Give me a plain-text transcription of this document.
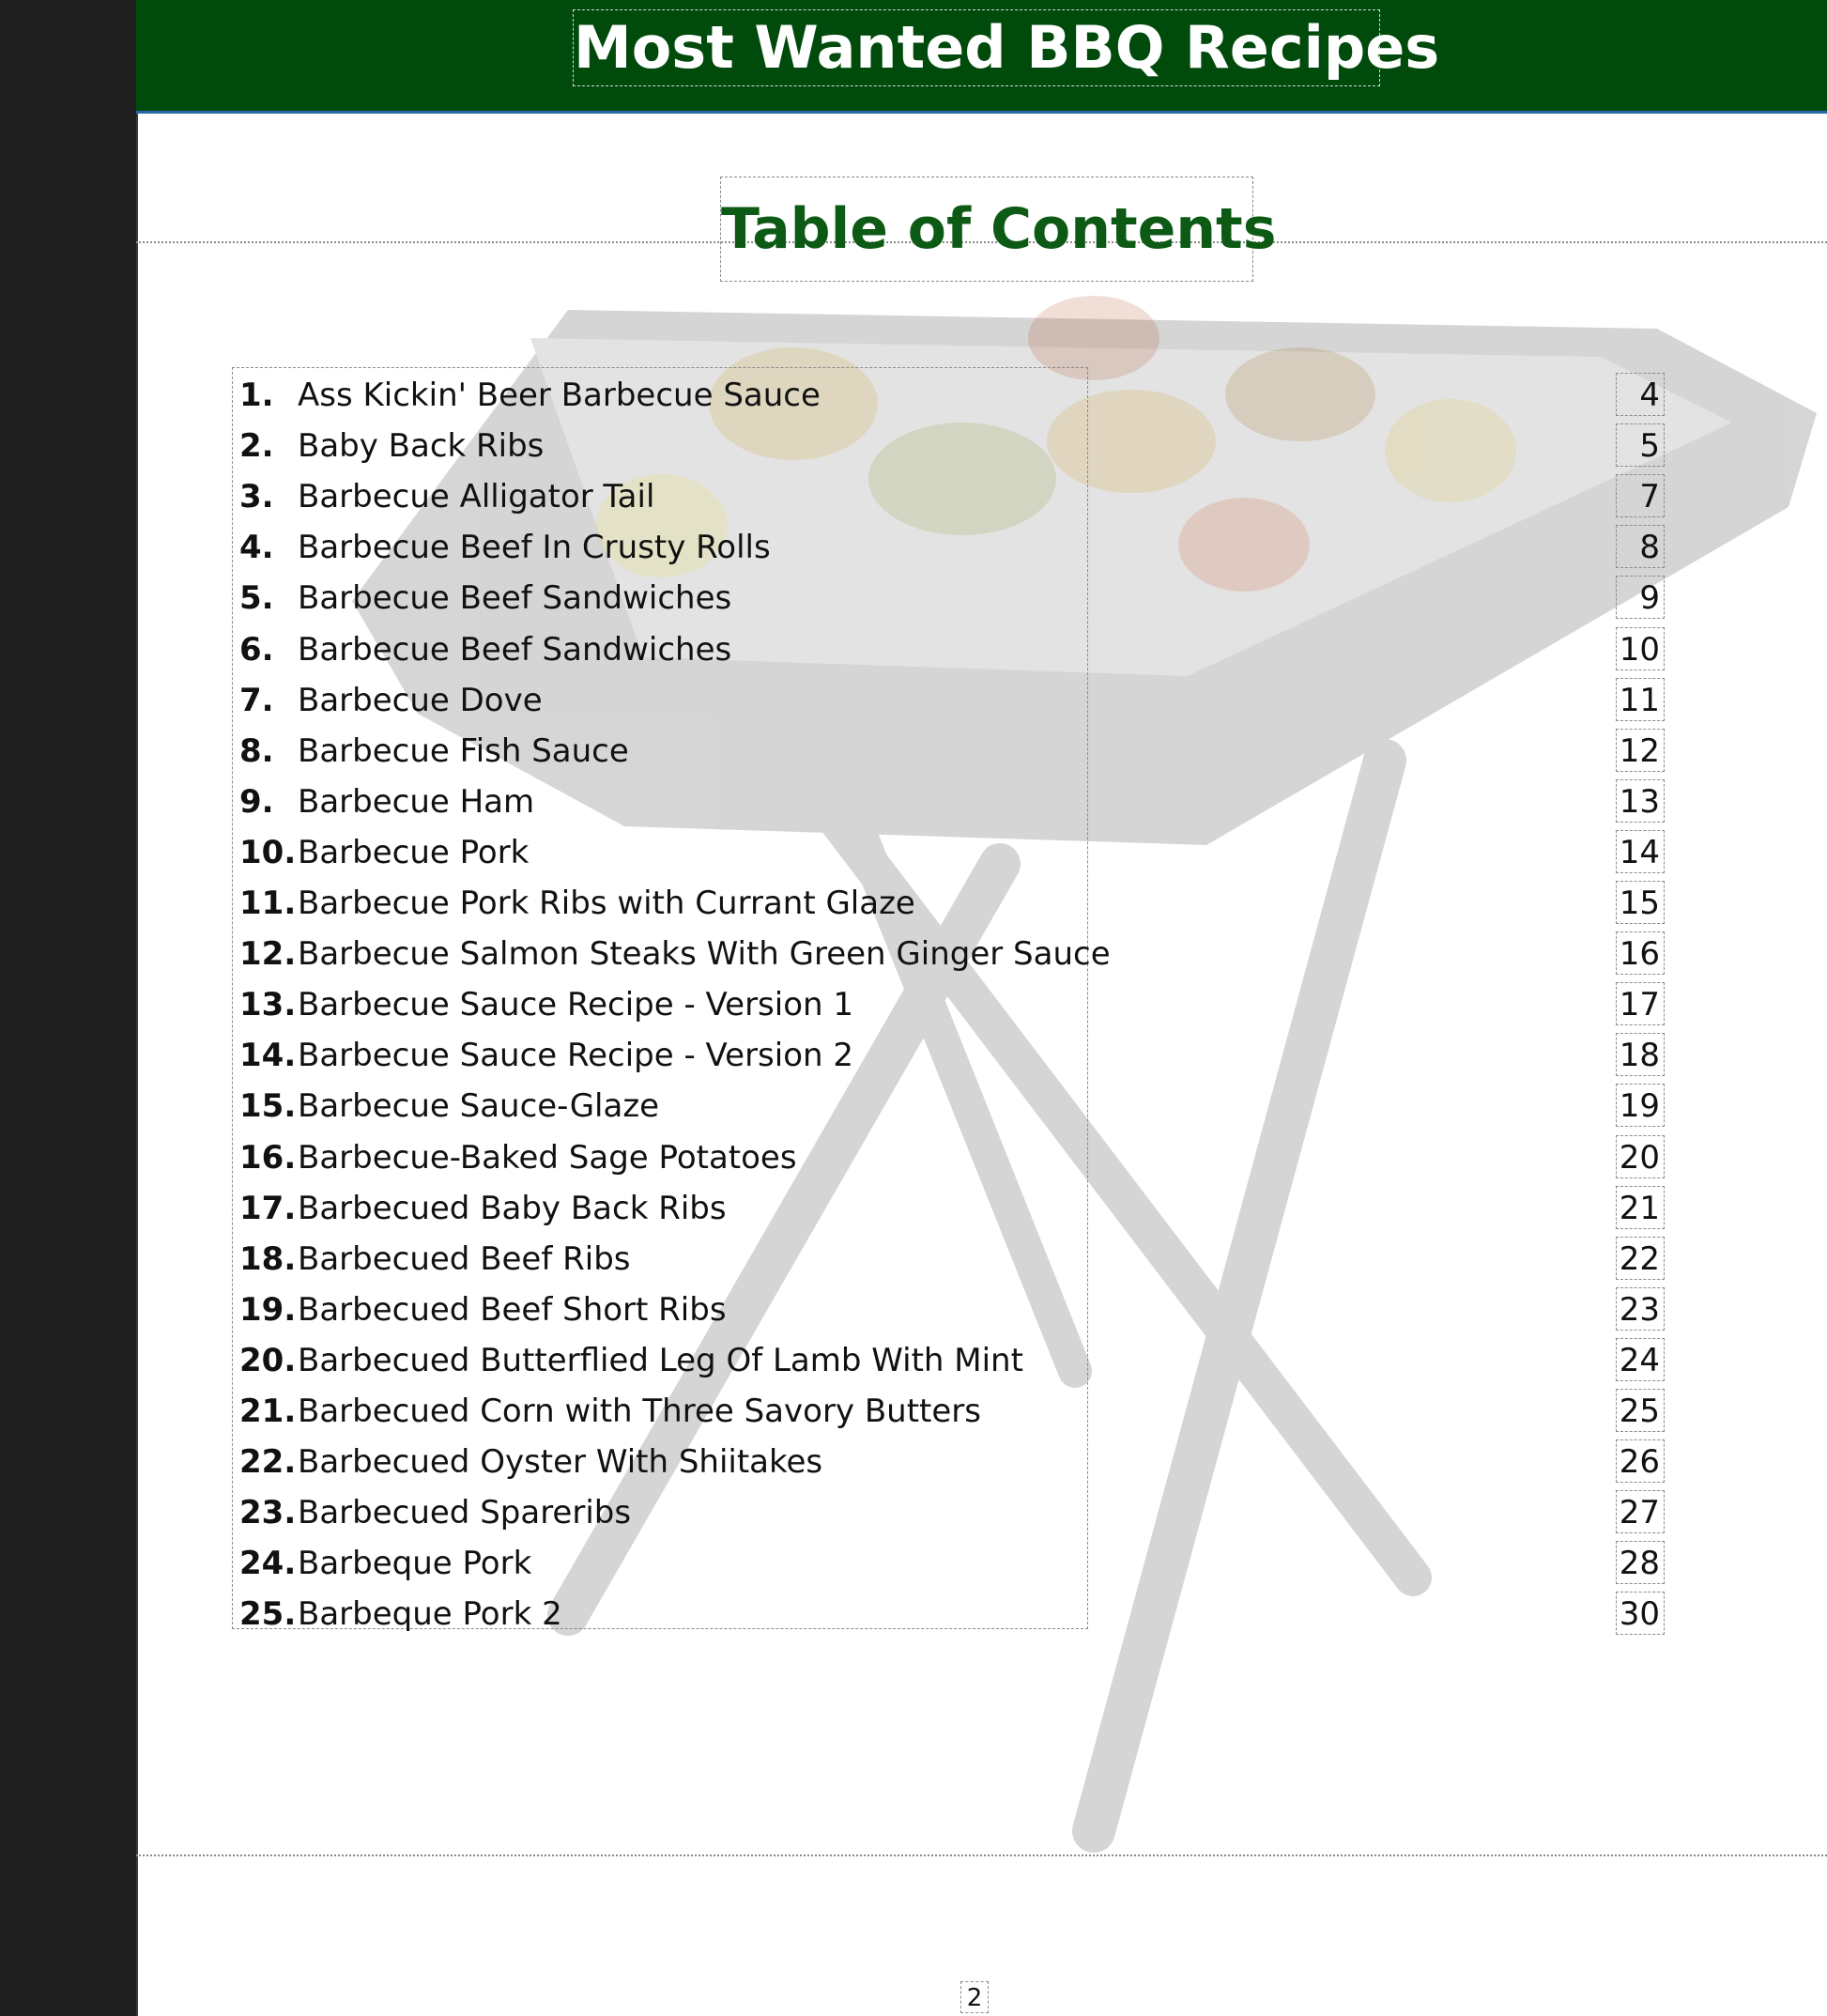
Most Wanted BBQ Recipes
Table of Contents
1. Ass Kickin' Beer Barbecue Sauce
2. Baby Back Ribs
3. Barbecue Alligator Tail
4. Barbecue Beef In Crusty Rolls
5. Barbecue Beef Sandwiches
6. Barbecue Beef Sandwiches
7. Barbecue Dove
8. Barbecue Fish Sauce
9. Barbecue Ham
10.Barbecue Pork
11.Barbecue Pork Ribs with Currant Glaze
12.Barbecue Salmon Steaks With Green Ginger Sauce
13.Barbecue Sauce Recipe - Version 1
14.Barbecue Sauce Recipe - Version 2
15.Barbecue Sauce-Glaze
16.Barbecue-Baked Sage Potatoes
17.Barbecued Baby Back Ribs
18.Barbecued Beef Ribs
19.Barbecued Beef Short Ribs
20.Barbecued Butterflied Leg Of Lamb With Mint
21.Barbecued Corn with Three Savory Butters
22.Barbecued Oyster With Shiitakes
23.Barbecued Spareribs
24.Barbeque Pork
25.Barbeque Pork 2
4
5
7
8
9
10
11
12
13
14
15
16
17
18
19
20
21
22
23
24
25
26
27
28
30
2
